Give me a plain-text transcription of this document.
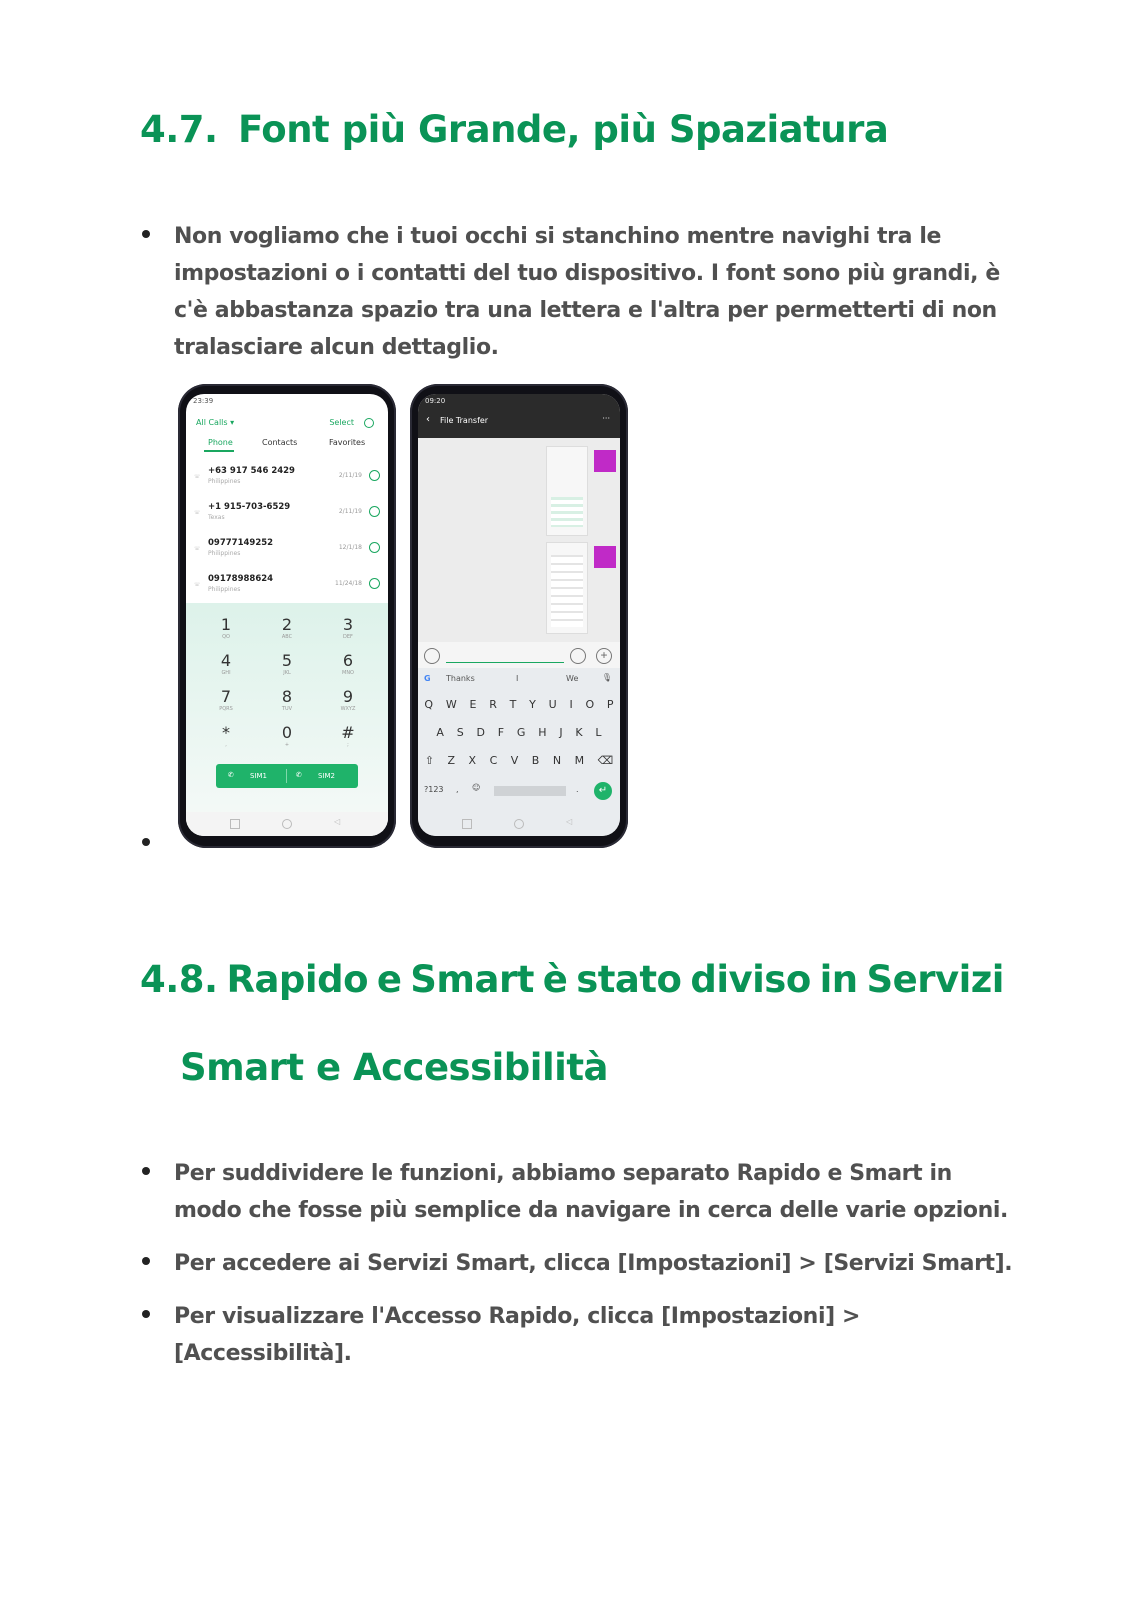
4.7. Font più Grande, più Spaziatura
Non vogliamo che i tuoi occhi si stanchino mentre navighi tra le impostazioni o i contatti del tuo dispositivo. I font sono più grandi, è c'è abbastanza spazio tra una lettera e l'altra per permetterti di non tralasciare alcun dettaglio.
23:39
All Calls ▾	Select
Phone	Contacts	Favorites
☏
+63 917 546 2429
Philippines
2/11/19
☏
+1 915-703-6529
Texas
2/11/19
☏
09777149252
Philippines
12/1/18
☏
09178988624
Philippines
11/24/18
1
QO
2
ABC
3
DEF
4
GHI
5
JKL
6
MNO
7
PQRS
8
TUV
9
WXYZ
*
,
0
+
#
;
✆ SIM1	✆ SIM2
◁
09:20
‹ File Transfer	···
+
G Thanks	I	We	🎙
Q W E R T Y U I O P
A S D F G H J K L
⇧ Z X C V B N M ⌫
?123 , ☺	.	↵
◁
4.8. Rapido e Smart è stato diviso in Servizi
Smart e Accessibilità
Per suddividere le funzioni, abbiamo separato Rapido e Smart in modo che fosse più semplice da navigare in cerca delle varie opzioni.
Per accedere ai Servizi Smart, clicca [Impostazioni] > [Servizi Smart].
Per visualizzare l'Accesso Rapido, clicca [Impostazioni] > [Accessibilità].
